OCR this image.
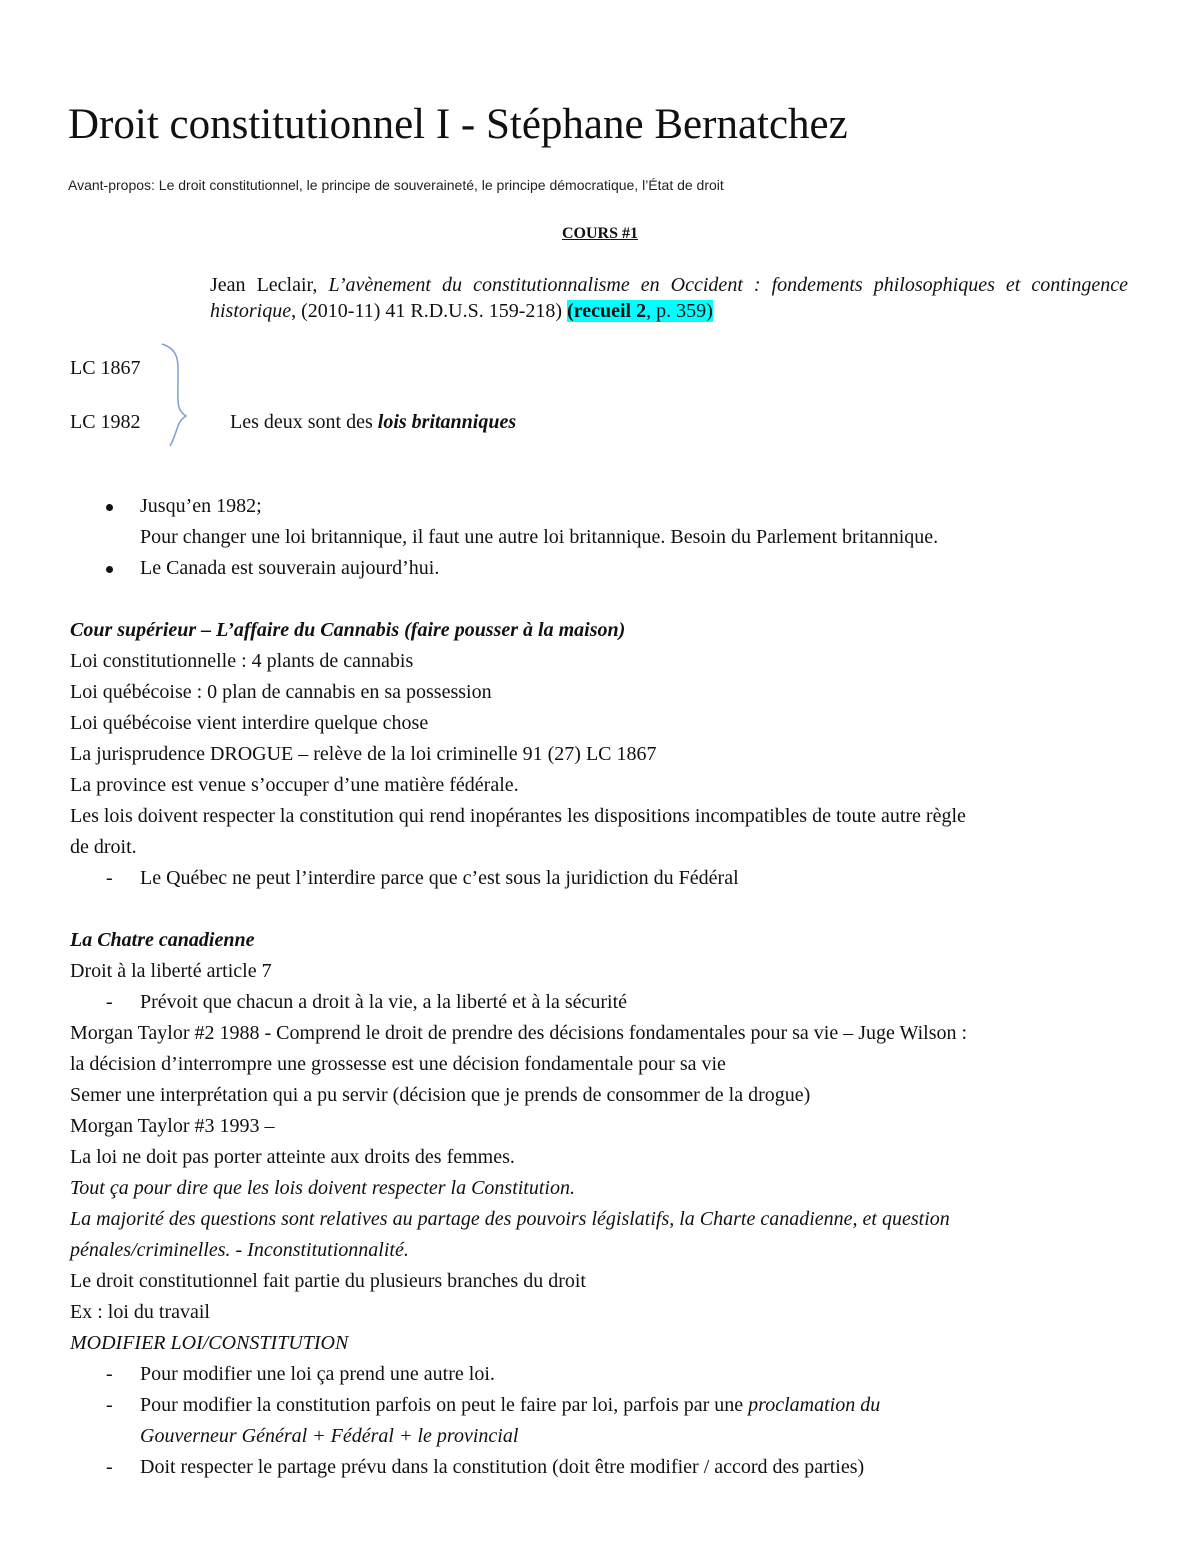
Droit constitutionnel I - Stéphane Bernatchez
Avant-propos: Le droit constitutionnel, le principe de souveraineté, le principe démocratique, l’État de droit
COURS #1
Jean Leclair, L’avènement du constitutionnalisme en Occident : fondements philosophiques et contingence historique, (2010-11) 41 R.D.U.S. 159-218) (recueil 2, p. 359)
LC 1867
LC 1982	Les deux sont des lois britanniques
Jusqu’en 1982;
Pour changer une loi britannique, il faut une autre loi britannique. Besoin du Parlement britannique.
Le Canada est souverain aujourd’hui.
Cour supérieur – L’affaire du Cannabis (faire pousser à la maison)
Loi constitutionnelle : 4 plants de cannabis
Loi québécoise : 0 plan de cannabis en sa possession
Loi québécoise vient interdire quelque chose
La jurisprudence DROGUE – relève de la loi criminelle 91 (27) LC 1867
La province est venue s’occuper d’une matière fédérale.
Les lois doivent respecter la constitution qui rend inopérantes les dispositions incompatibles de toute autre règle
de droit.
- Le Québec ne peut l’interdire parce que c’est sous la juridiction du Fédéral
La Chatre canadienne
Droit à la liberté article 7
- Prévoit que chacun a droit à la vie, a la liberté et à la sécurité
Morgan Taylor #2 1988 - Comprend le droit de prendre des décisions fondamentales pour sa vie – Juge Wilson :
la décision d’interrompre une grossesse est une décision fondamentale pour sa vie
Semer une interprétation qui a pu servir (décision que je prends de consommer de la drogue)
Morgan Taylor #3 1993 –
La loi ne doit pas porter atteinte aux droits des femmes.
Tout ça pour dire que les lois doivent respecter la Constitution.
La majorité des questions sont relatives au partage des pouvoirs législatifs, la Charte canadienne, et question
pénales/criminelles. - Inconstitutionnalité.
Le droit constitutionnel fait partie du plusieurs branches du droit
Ex : loi du travail
MODIFIER LOI/CONSTITUTION
- Pour modifier une loi ça prend une autre loi.
- Pour modifier la constitution parfois on peut le faire par loi, parfois par une proclamation du
Gouverneur Général + Fédéral + le provincial
- Doit respecter le partage prévu dans la constitution (doit être modifier / accord des parties)
